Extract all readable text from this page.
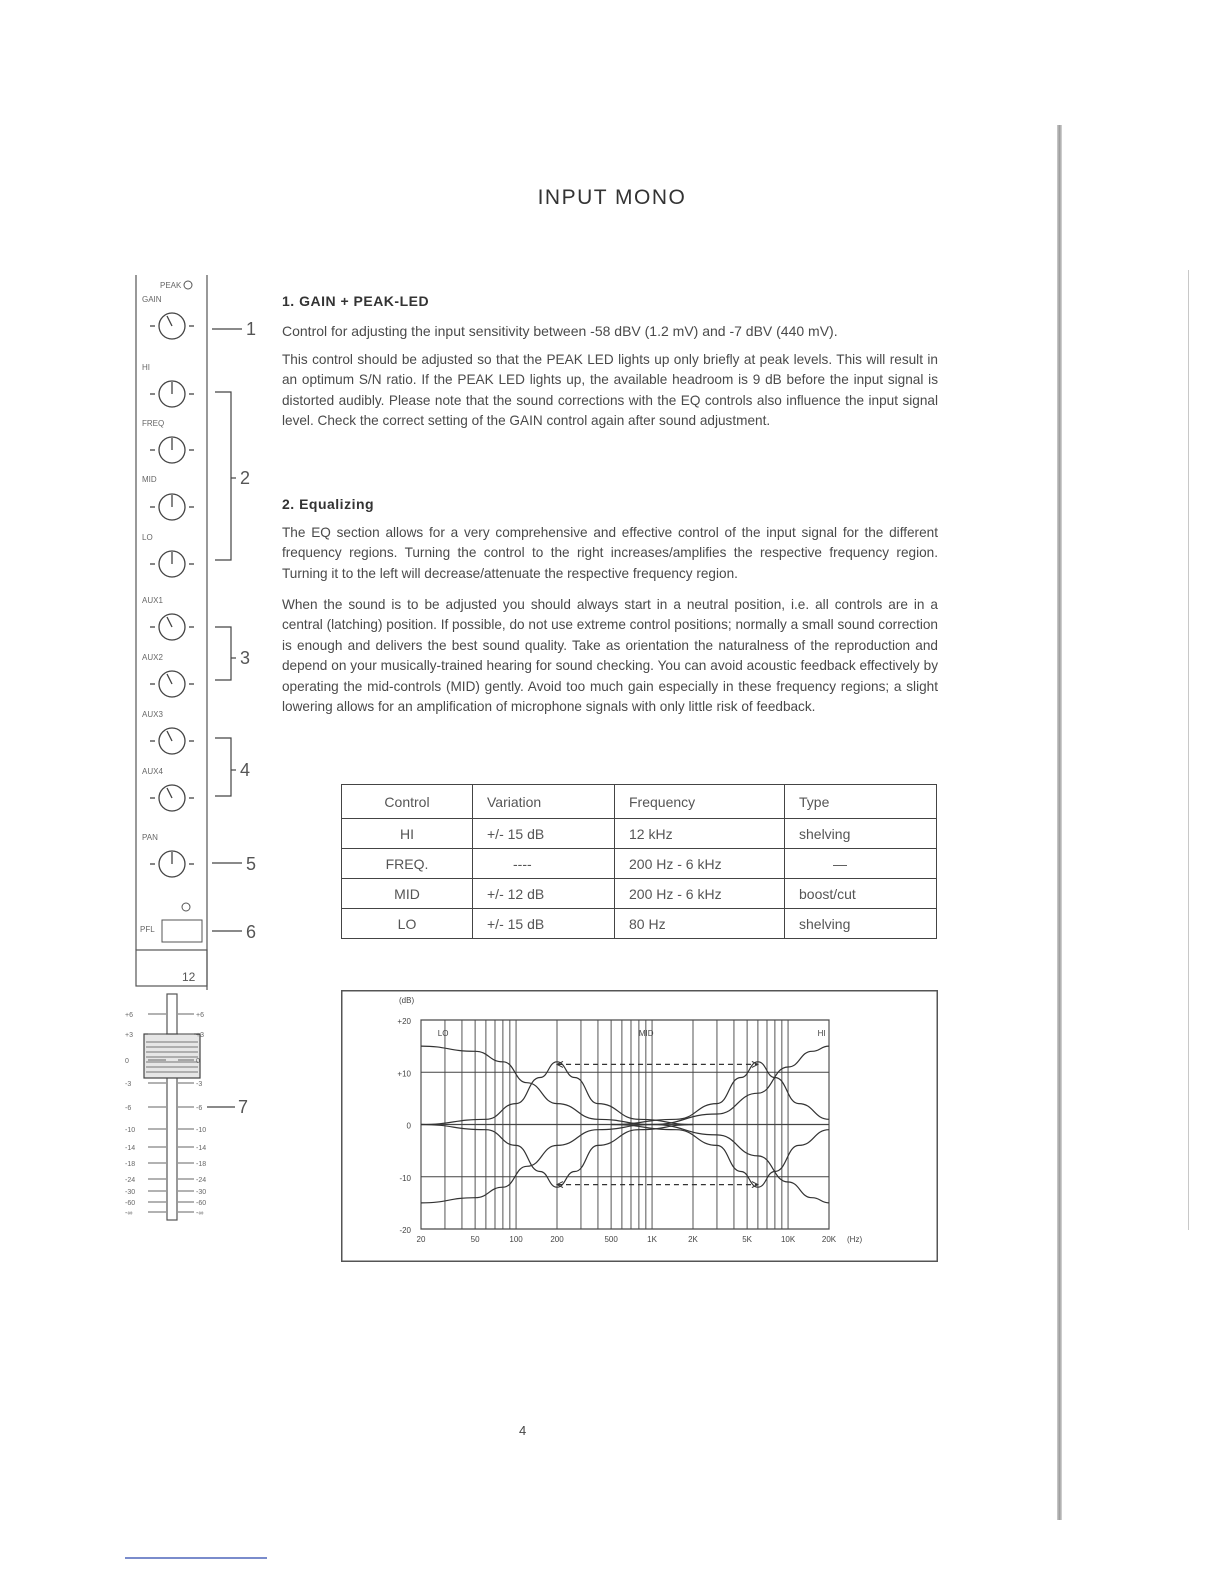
INPUT MONO
PEAK
GAIN
HI
FREQ
MID
LO
AUX1
AUX2
AUX3
AUX4
PAN
PFL
12
1
2
3
4
5
6
7
+6	+6
+3	+3
0	0
-3	-3
-6	-6
-10	-10
-14	-14
-18	-18
-24	-24
-30	-30
-60	-60
-∞	-∞
1. GAIN + PEAK-LED

Control for adjusting the input sensitivity between -58 dBV (1.2 mV) and -7 dBV (440 mV).

This control should be adjusted so that the PEAK LED lights up only briefly at peak levels. This will result in an optimum S/N ratio. If the PEAK LED lights up, the available headroom is 9 dB before the input signal is distorted audibly. Please note that the sound corrections with the EQ controls also influence the input signal level. Check the correct setting of the GAIN control again after sound adjustment.

2. Equalizing

The EQ section allows for a very comprehensive and effective control of the input signal for the different frequency regions. Turning the control to the right increases/amplifies the respective frequency region. Turning it to the left will decrease/attenuate the respective frequency region.

When the sound is to be adjusted you should always start in a neutral position, i.e. all controls are in a central (latching) position. If possible, do not use extreme control positions; normally a small sound correction is enough and delivers the best sound quality. Take as orientation the naturalness of the reproduction and depend on your musically-trained hearing for sound checking. You can avoid acoustic feedback effectively by operating the mid-controls (MID) gently. Avoid too much gain especially in these frequency regions; a slight lowering allows for an amplification of microphone signals with only little risk of feedback.

Control	Variation	Frequency	Type
HI	+/- 15 dB	12 kHz	shelving
FREQ.	----	200 Hz - 6 kHz	—
MID	+/- 12 dB	200 Hz - 6 kHz	boost/cut
LO	+/- 15 dB	80 Hz	shelving
+20
+10
0
-10
-20
(dB)
20	50	100	200	500	1K	2K	5K	10K	20K (Hz)
LO	MID	HI
4
